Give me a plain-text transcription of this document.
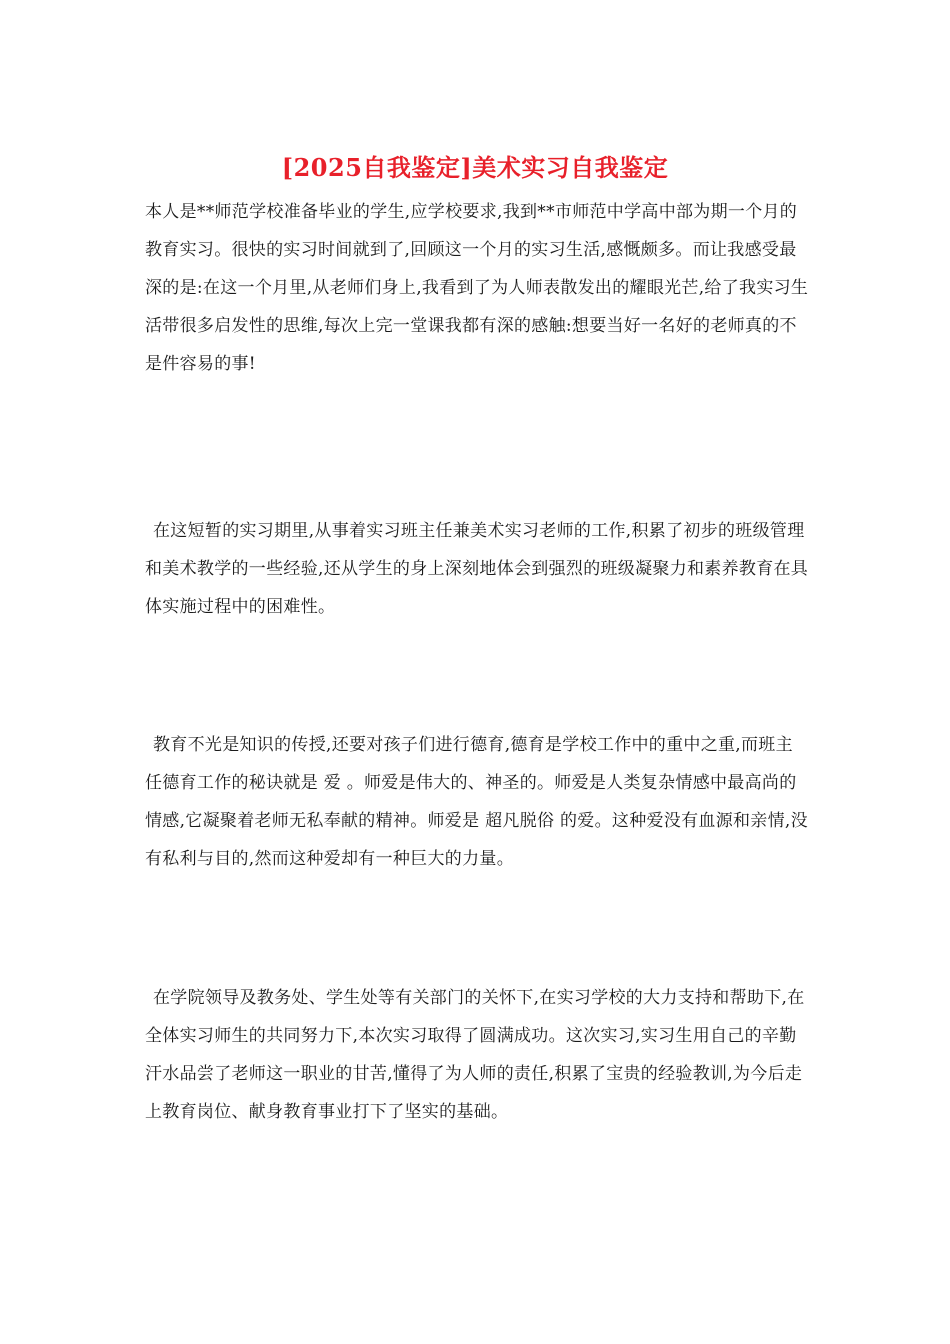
[2025自我鉴定]美术实习自我鉴定
本人是**师范学校准备毕业的学生,应学校要求,我到**市师范中学高中部为期一个月的教育实习。很快的实习时间就到了,回顾这一个月的实习生活,感慨颇多。而让我感受最深的是:在这一个月里,从老师们身上,我看到了为人师表散发出的耀眼光芒,给了我实习生活带很多启发性的思维,每次上完一堂课我都有深的感触:想要当好一名好的老师真的不是件容易的事!
在这短暂的实习期里,从事着实习班主任兼美术实习老师的工作,积累了初步的班级管理和美术教学的一些经验,还从学生的身上深刻地体会到强烈的班级凝聚力和素养教育在具体实施过程中的困难性。
教育不光是知识的传授,还要对孩子们进行德育,德育是学校工作中的重中之重,而班主任德育工作的秘诀就是 爱 。师爱是伟大的、神圣的。师爱是人类复杂情感中最高尚的情感,它凝聚着老师无私奉献的精神。师爱是 超凡脱俗 的爱。这种爱没有血源和亲情,没有私利与目的,然而这种爱却有一种巨大的力量。
在学院领导及教务处、学生处等有关部门的关怀下,在实习学校的大力支持和帮助下,在全体实习师生的共同努力下,本次实习取得了圆满成功。这次实习,实习生用自己的辛勤汗水品尝了老师这一职业的甘苦,懂得了为人师的责任,积累了宝贵的经验教训,为今后走上教育岗位、献身教育事业打下了坚实的基础。
